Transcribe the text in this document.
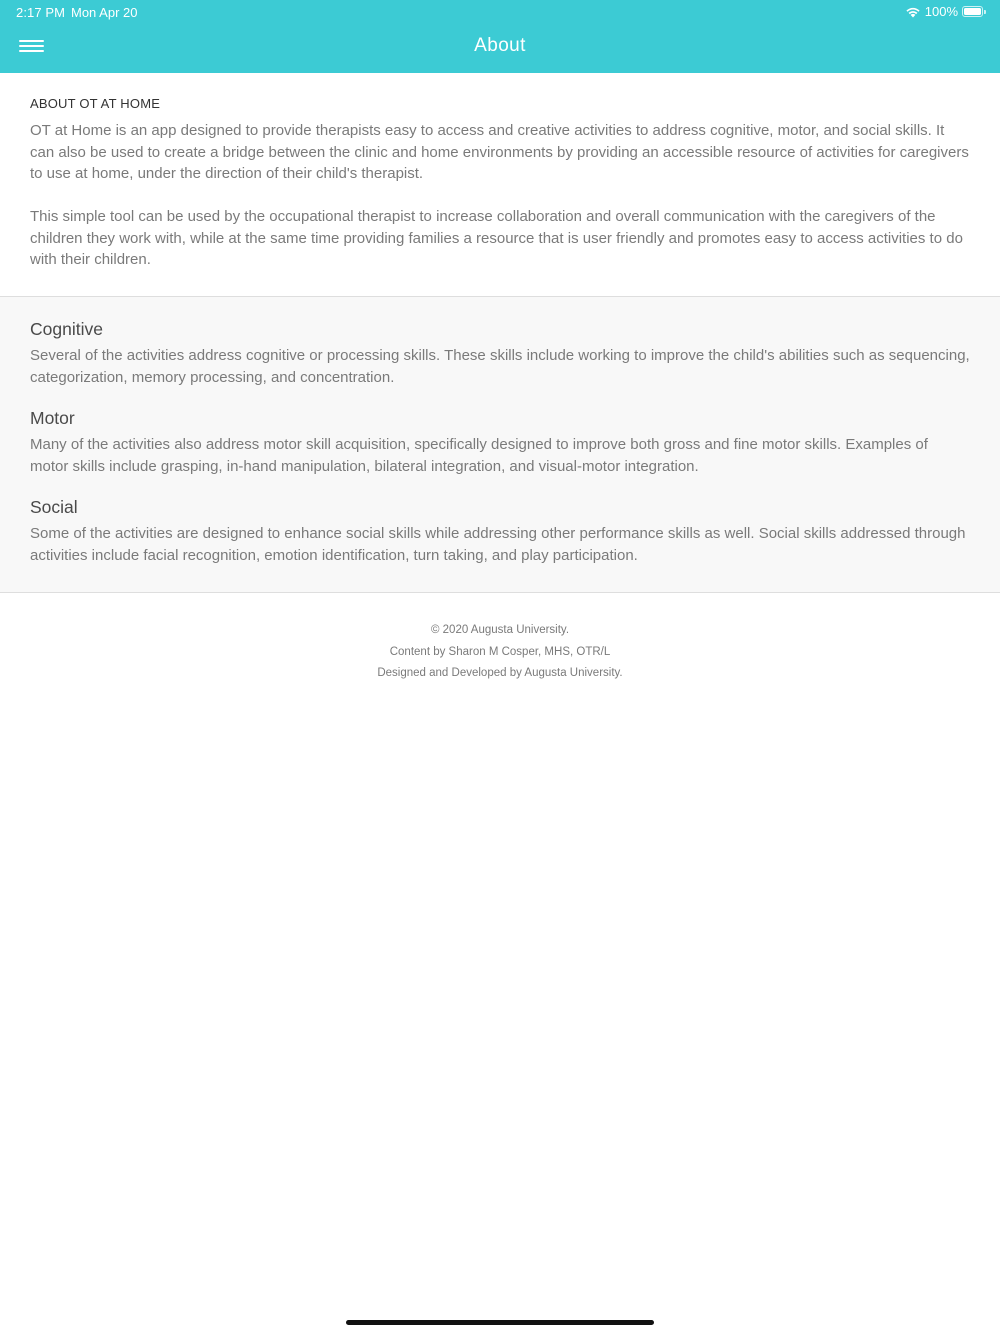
2:17 PM Mon Apr 20	100%
About
ABOUT OT AT HOME

OT at Home is an app designed to provide therapists easy to access and creative activities to address cognitive, motor, and social skills. It can also be used to create a bridge between the clinic and home environments by providing an accessible resource of activities for caregivers to use at home, under the direction of their child's therapist.

This simple tool can be used by the occupational therapist to increase collaboration and overall communication with the caregivers of the children they work with, while at the same time providing families a resource that is user friendly and promotes easy to access activities to do with their children.

Cognitive
Several of the activities address cognitive or processing skills. These skills include working to improve the child's abilities such as sequencing, categorization, memory processing, and concentration.
Motor
Many of the activities also address motor skill acquisition, specifically designed to improve both gross and fine motor skills. Examples of motor skills include grasping, in-hand manipulation, bilateral integration, and visual-motor integration.
Social
Some of the activities are designed to enhance social skills while addressing other performance skills as well. Social skills addressed through activities include facial recognition, emotion identification, turn taking, and play participation.
© 2020 Augusta University.
Content by Sharon M Cosper, MHS, OTR/L
Designed and Developed by Augusta University.
